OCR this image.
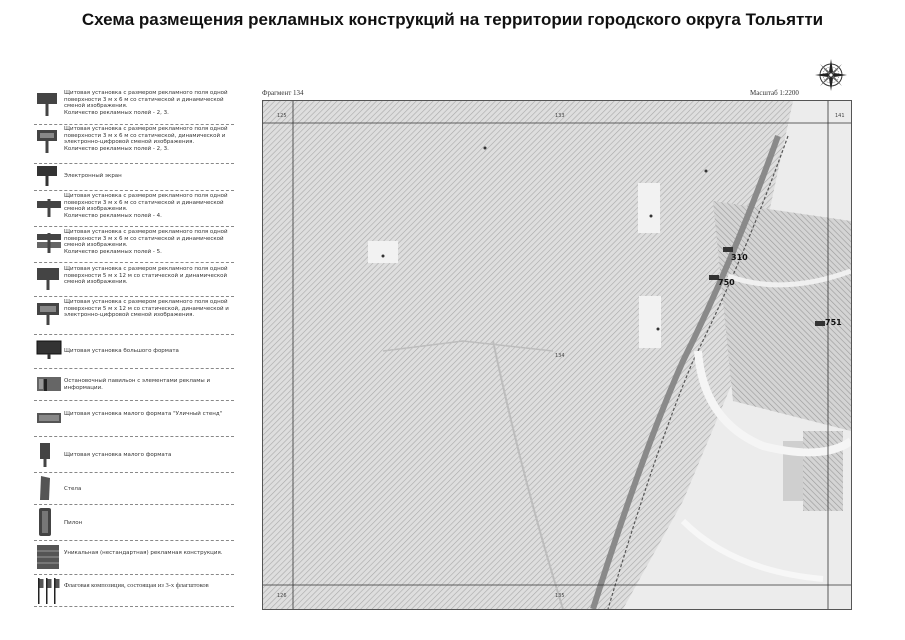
Схема размещения рекламных конструкций на территории городского округа Тольятти
Щитовая установка с размером рекламного поля одной поверхности 3 м х 6 м со статической и динамической сменой изображения.
Количество рекламных полей - 2, 3.
Щитовая установка с размером рекламного поля одной поверхности 3 м х 6 м со статической, динамической и электронно-цифровой сменой изображения.
Количество рекламных полей - 2, 3.
Электронный экран
Щитовая установка с размером рекламного поля одной поверхности 3 м х 6 м со статической и динамической сменой изображения.
Количество рекламных полей - 4.
Щитовая установка с размером рекламного поля одной поверхности 3 м х 6 м со статической и динамической сменой изображения.
Количество рекламных полей - 5.
Щитовая установка с размером рекламного поля одной поверхности 5 м х 12 м со статической и динамической сменой изображения.
Щитовая установка с размером рекламного поля одной поверхности 5 м х 12 м со статической, динамической и электронно-цифровой сменой изображения.
Щитовая установка большого формата
Остановочный павильон с элементами рекламы и информации.
Щитовая установка малого формата "Уличный стенд"
Щитовая установка малого формата
Стела
Пилон
Уникальная (нестандартная) рекламная конструкция.
Флаговая композиция, состоящая из 3-х флагштоков
Фрагмент 134	Масштаб 1:2200
125	133	141
134
126	135
310
750
751
